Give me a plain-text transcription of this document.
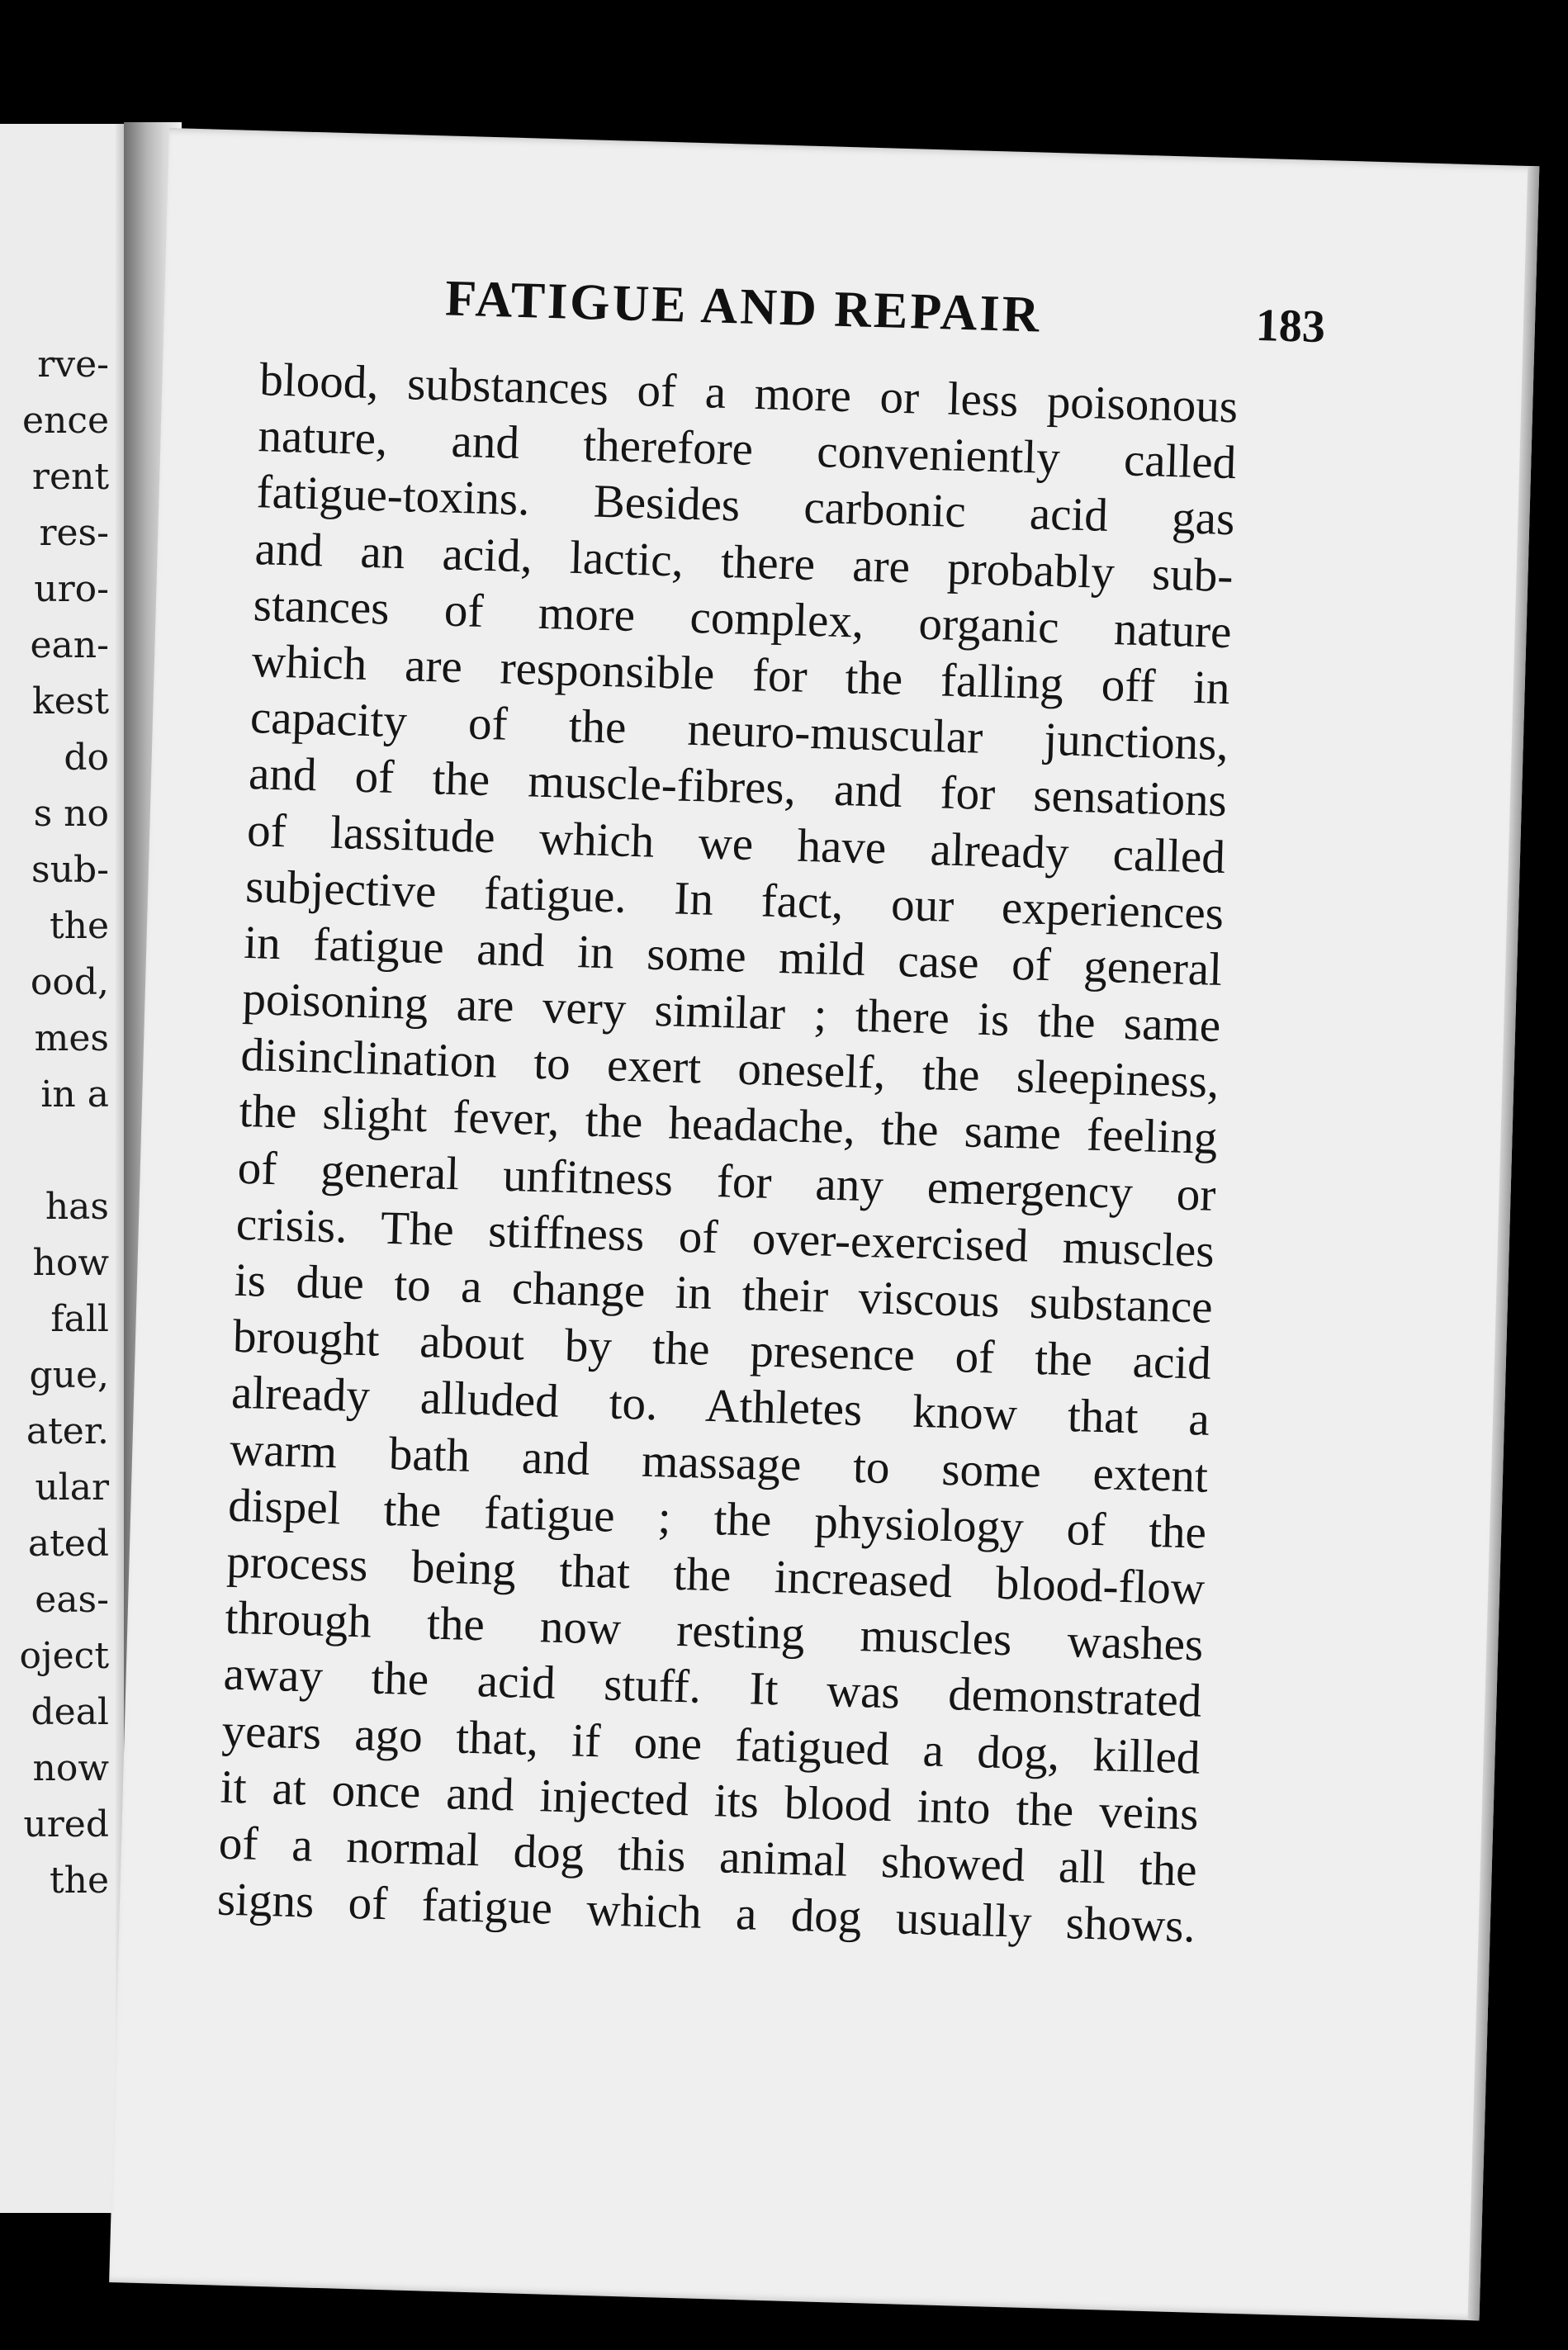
rve-
ence
rent
res-
uro-
ean-
kest
do
s no
sub-
the
ood,
mes
in a
has
how
fall
gue,
ater.
ular
ated
eas-
oject
deal
now
ured
the
FATIGUE AND REPAIR	183
blood, substances of a more or less poisonous
nature, and therefore conveniently called
fatigue-toxins. Besides carbonic acid gas
and an acid, lactic, there are probably sub-
stances of more complex, organic nature
which are responsible for the falling off in
capacity of the neuro-muscular junctions,
and of the muscle-fibres, and for sensations
of lassitude which we have already called
subjective fatigue. In fact, our experiences
in fatigue and in some mild case of general
poisoning are very similar ; there is the same
disinclination to exert oneself, the sleepiness,
the slight fever, the headache, the same feeling
of general unfitness for any emergency or
crisis. The stiffness of over-exercised muscles
is due to a change in their viscous substance
brought about by the presence of the acid
already alluded to. Athletes know that a
warm bath and massage to some extent
dispel the fatigue ; the physiology of the
process being that the increased blood-flow
through the now resting muscles washes
away the acid stuff. It was demonstrated
years ago that, if one fatigued a dog, killed
it at once and injected its blood into the veins
of a normal dog this animal showed all the
signs of fatigue which a dog usually shows.
